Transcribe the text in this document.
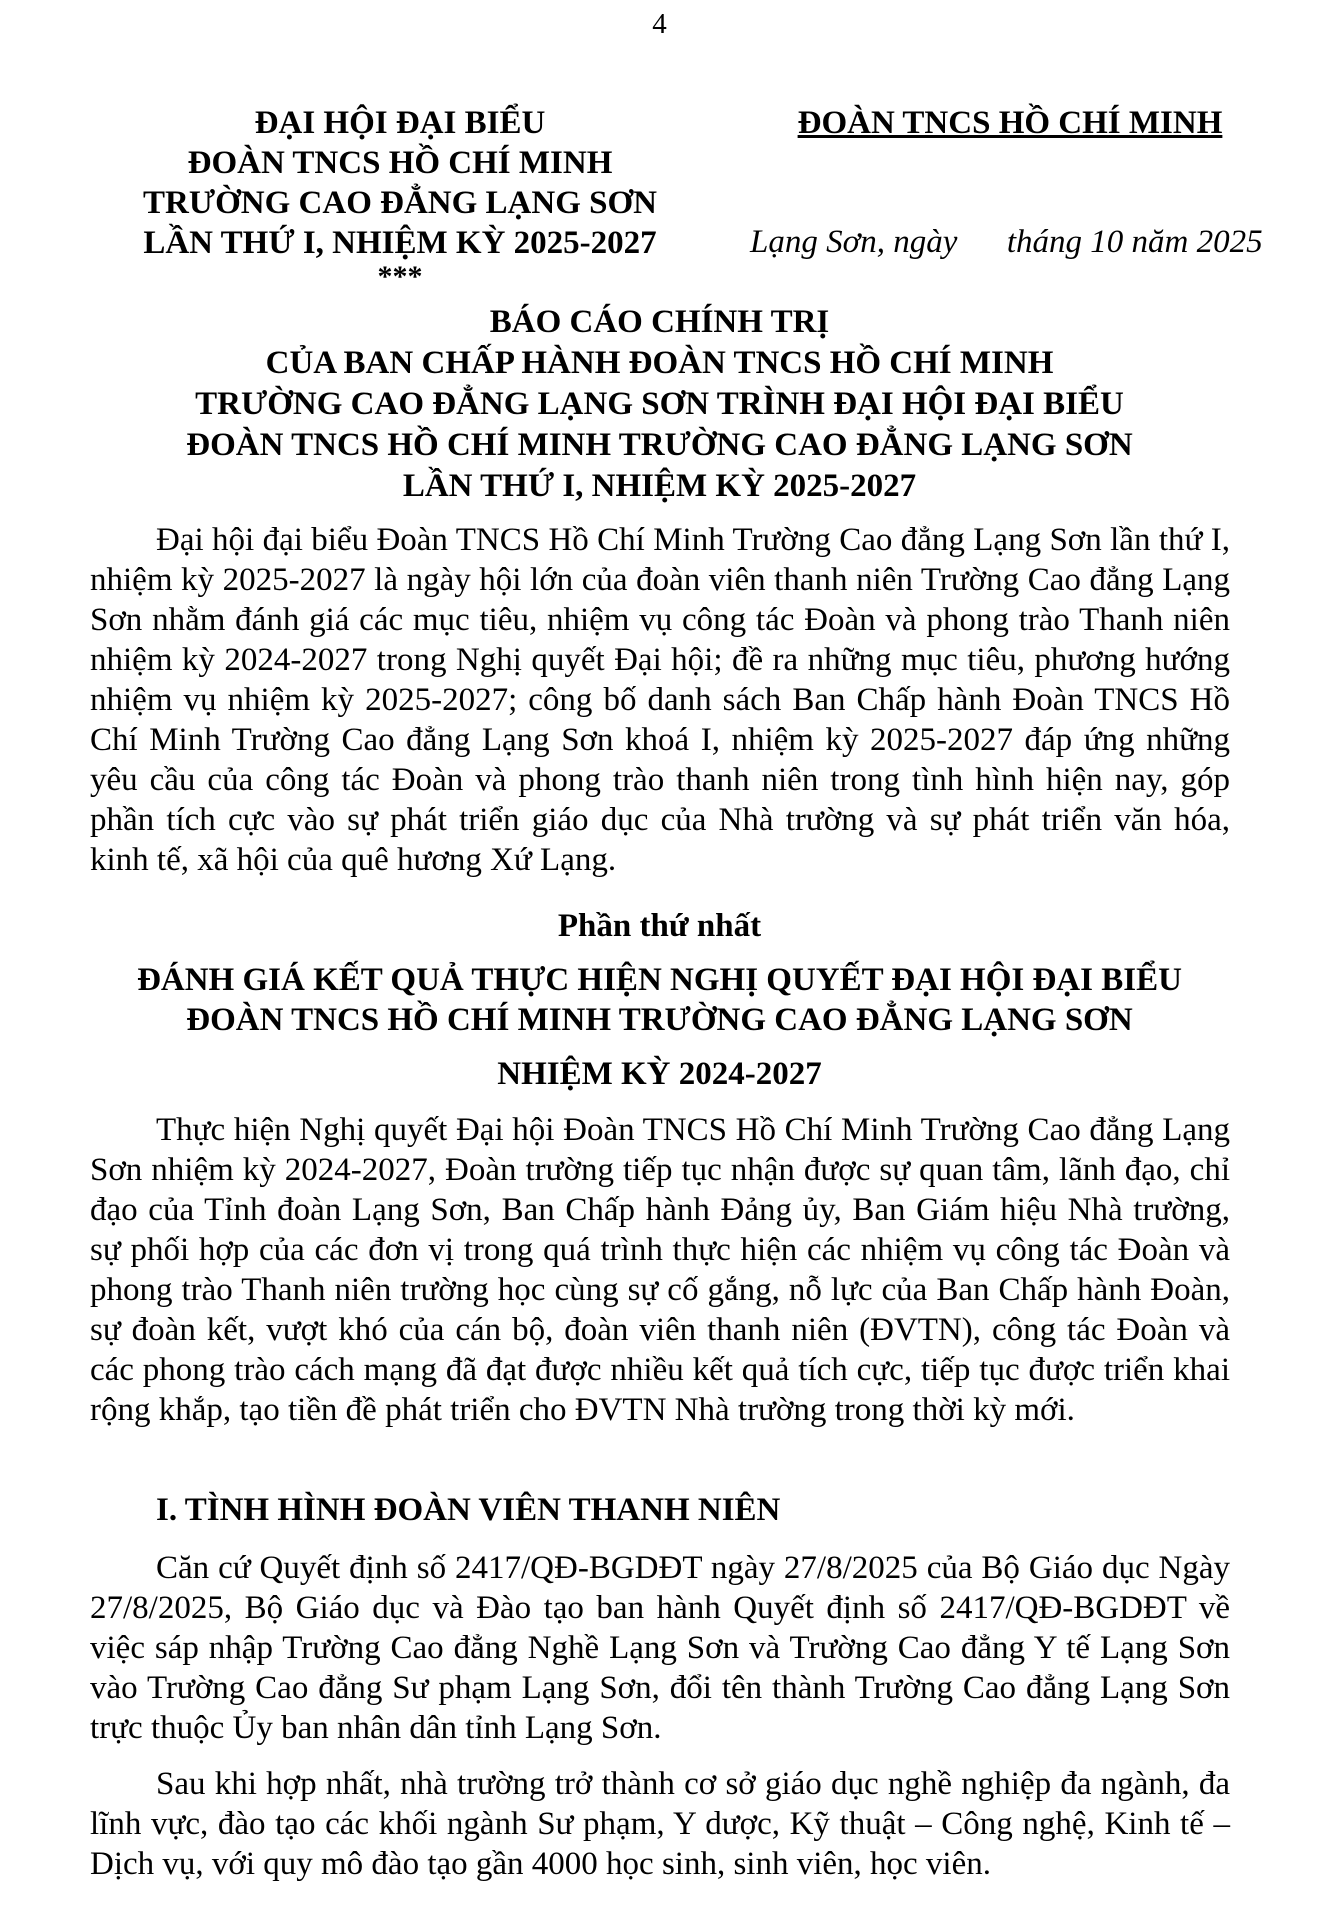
4
ĐẠI HỘI ĐẠI BIỂU
ĐOÀN TNCS HỒ CHÍ MINH
TRƯỜNG CAO ĐẲNG LẠNG SƠN
LẦN THỨ I, NHIỆM KỲ 2025-2027
***
ĐOÀN TNCS HỒ CHÍ MINH
Lạng Sơn, ngày      tháng 10 năm 2025
BÁO CÁO CHÍNH TRỊ
CỦA BAN CHẤP HÀNH ĐOÀN TNCS HỒ CHÍ MINH
TRƯỜNG CAO ĐẲNG LẠNG SƠN TRÌNH ĐẠI HỘI ĐẠI BIỂU
ĐOÀN TNCS HỒ CHÍ MINH TRƯỜNG CAO ĐẲNG LẠNG SƠN
LẦN THỨ I, NHIỆM KỲ 2025-2027

Đại hội đại biểu Đoàn TNCS Hồ Chí Minh Trường Cao đẳng Lạng Sơn lần thứ I, nhiệm kỳ 2025-2027 là ngày hội lớn của đoàn viên thanh niên Trường Cao đẳng Lạng Sơn nhằm đánh giá các mục tiêu, nhiệm vụ công tác Đoàn và phong trào Thanh niên nhiệm kỳ 2024-2027 trong Nghị quyết Đại hội; đề ra những mục tiêu, phương hướng nhiệm vụ nhiệm kỳ 2025-2027; công bố danh sách Ban Chấp hành Đoàn TNCS Hồ Chí Minh Trường Cao đẳng Lạng Sơn khoá I, nhiệm kỳ 2025-2027 đáp ứng những yêu cầu của công tác Đoàn và phong trào thanh niên trong tình hình hiện nay, góp phần tích cực vào sự phát triển giáo dục của Nhà trường và sự phát triển văn hóa, kinh tế, xã hội của quê hương Xứ Lạng.

Phần thứ nhất
ĐÁNH GIÁ KẾT QUẢ THỰC HIỆN NGHỊ QUYẾT ĐẠI HỘI ĐẠI BIỂU
ĐOÀN TNCS HỒ CHÍ MINH TRƯỜNG CAO ĐẲNG LẠNG SƠN
NHIỆM KỲ 2024-2027

Thực hiện Nghị quyết Đại hội Đoàn TNCS Hồ Chí Minh Trường Cao đẳng Lạng Sơn nhiệm kỳ 2024-2027, Đoàn trường tiếp tục nhận được sự quan tâm, lãnh đạo, chỉ đạo của Tỉnh đoàn Lạng Sơn, Ban Chấp hành Đảng ủy, Ban Giám hiệu Nhà trường, sự phối hợp của các đơn vị trong quá trình thực hiện các nhiệm vụ công tác Đoàn và phong trào Thanh niên trường học cùng sự cố gắng, nỗ lực của Ban Chấp hành Đoàn, sự đoàn kết, vượt khó của cán bộ, đoàn viên thanh niên (ĐVTN), công tác Đoàn và các phong trào cách mạng đã đạt được nhiều kết quả tích cực, tiếp tục được triển khai rộng khắp, tạo tiền đề phát triển cho ĐVTN Nhà trường trong thời kỳ mới.

I. TÌNH HÌNH ĐOÀN VIÊN THANH NIÊN

Căn cứ Quyết định số 2417/QĐ-BGDĐT ngày 27/8/2025 của Bộ Giáo dục Ngày 27/8/2025, Bộ Giáo dục và Đào tạo ban hành Quyết định số 2417/QĐ-BGDĐT về việc sáp nhập Trường Cao đẳng Nghề Lạng Sơn và Trường Cao đẳng Y tế Lạng Sơn vào Trường Cao đẳng Sư phạm Lạng Sơn, đổi tên thành Trường Cao đẳng Lạng Sơn trực thuộc Ủy ban nhân dân tỉnh Lạng Sơn.

Sau khi hợp nhất, nhà trường trở thành cơ sở giáo dục nghề nghiệp đa ngành, đa lĩnh vực, đào tạo các khối ngành Sư phạm, Y dược, Kỹ thuật – Công nghệ, Kinh tế – Dịch vụ, với quy mô đào tạo gần 4000 học sinh, sinh viên, học viên.
